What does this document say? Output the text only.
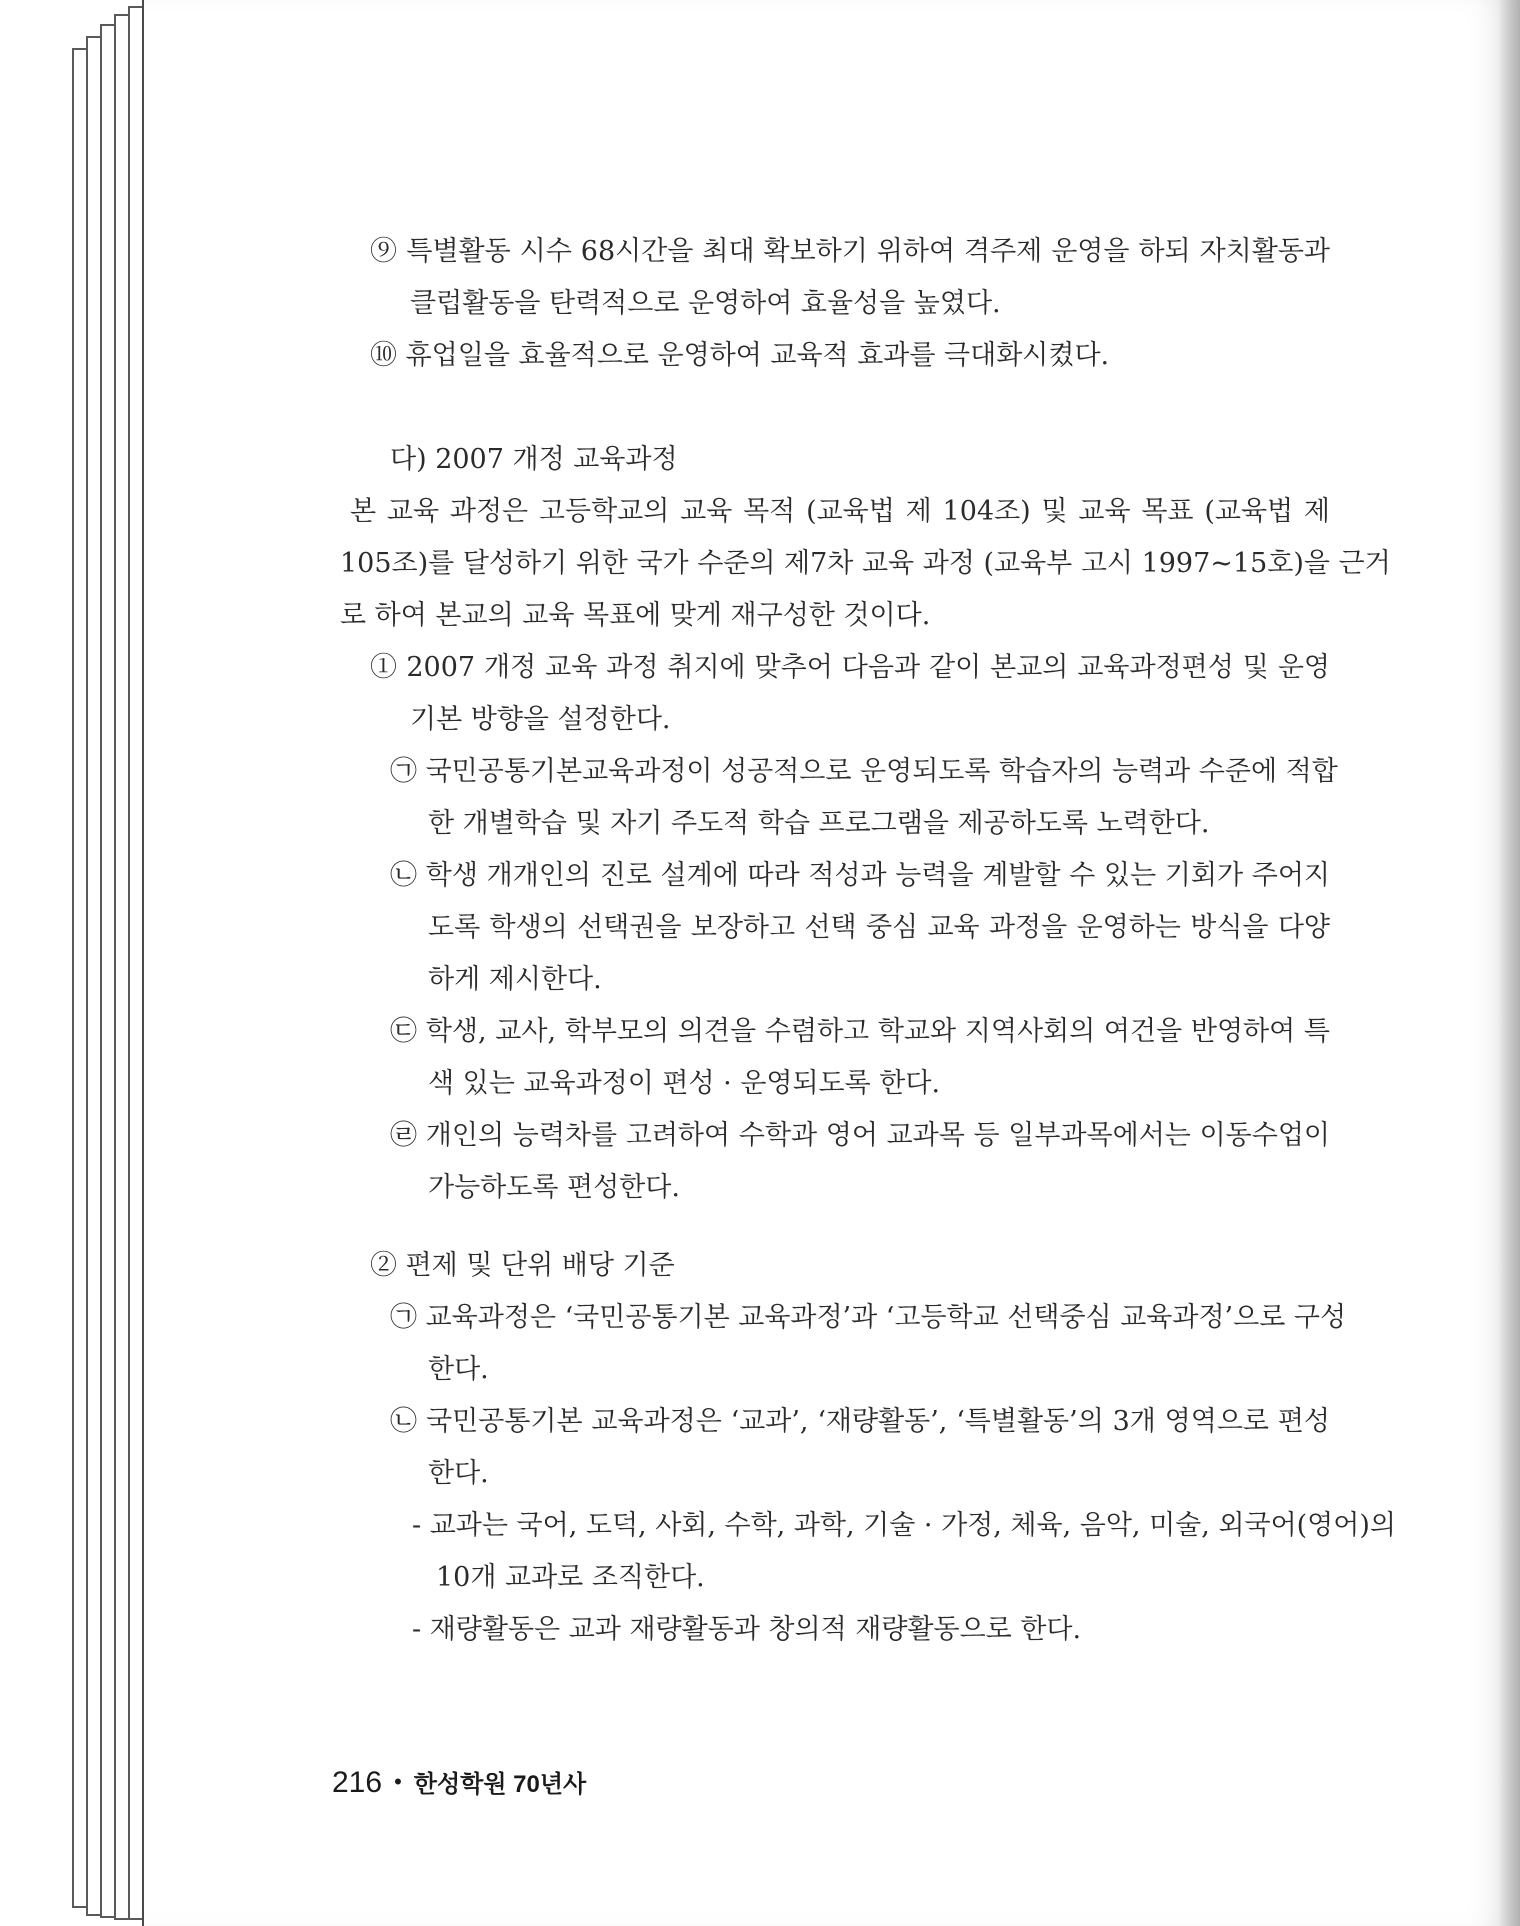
⑨ 특별활동 시수 68시간을 최대 확보하기 위하여 격주제 운영을 하되 자치활동과
클럽활동을 탄력적으로 운영하여 효율성을 높였다.
⑩ 휴업일을 효율적으로 운영하여 교육적 효과를 극대화시켰다.
다) 2007 개정 교육과정
본 교육 과정은 고등학교의 교육 목적 (교육법 제 104조) 및 교육 목표 (교육법 제
105조)를 달성하기 위한 국가 수준의 제7차 교육 과정 (교육부 고시 1997~15호)을 근거
로 하여 본교의 교육 목표에 맞게 재구성한 것이다.
① 2007 개정 교육 과정 취지에 맞추어 다음과 같이 본교의 교육과정편성 및 운영
기본 방향을 설정한다.
㉠ 국민공통기본교육과정이 성공적으로 운영되도록 학습자의 능력과 수준에 적합
한 개별학습 및 자기 주도적 학습 프로그램을 제공하도록 노력한다.
㉡ 학생 개개인의 진로 설계에 따라 적성과 능력을 계발할 수 있는 기회가 주어지
도록 학생의 선택권을 보장하고 선택 중심 교육 과정을 운영하는 방식을 다양
하게 제시한다.
㉢ 학생, 교사, 학부모의 의견을 수렴하고 학교와 지역사회의 여건을 반영하여 특
색 있는 교육과정이 편성 · 운영되도록 한다.
㉣ 개인의 능력차를 고려하여 수학과 영어 교과목 등 일부과목에서는 이동수업이
가능하도록 편성한다.
② 편제 및 단위 배당 기준
㉠ 교육과정은 ‘국민공통기본 교육과정’과 ‘고등학교 선택중심 교육과정’으로 구성
한다.
㉡ 국민공통기본 교육과정은 ‘교과’, ‘재량활동’, ‘특별활동’의 3개 영역으로 편성
한다.
- 교과는 국어, 도덕, 사회, 수학, 과학, 기술 · 가정, 체육, 음악, 미술, 외국어(영어)의
10개 교과로 조직한다.
- 재량활동은 교과 재량활동과 창의적 재량활동으로 한다.
216 • 한성학원 70년사
